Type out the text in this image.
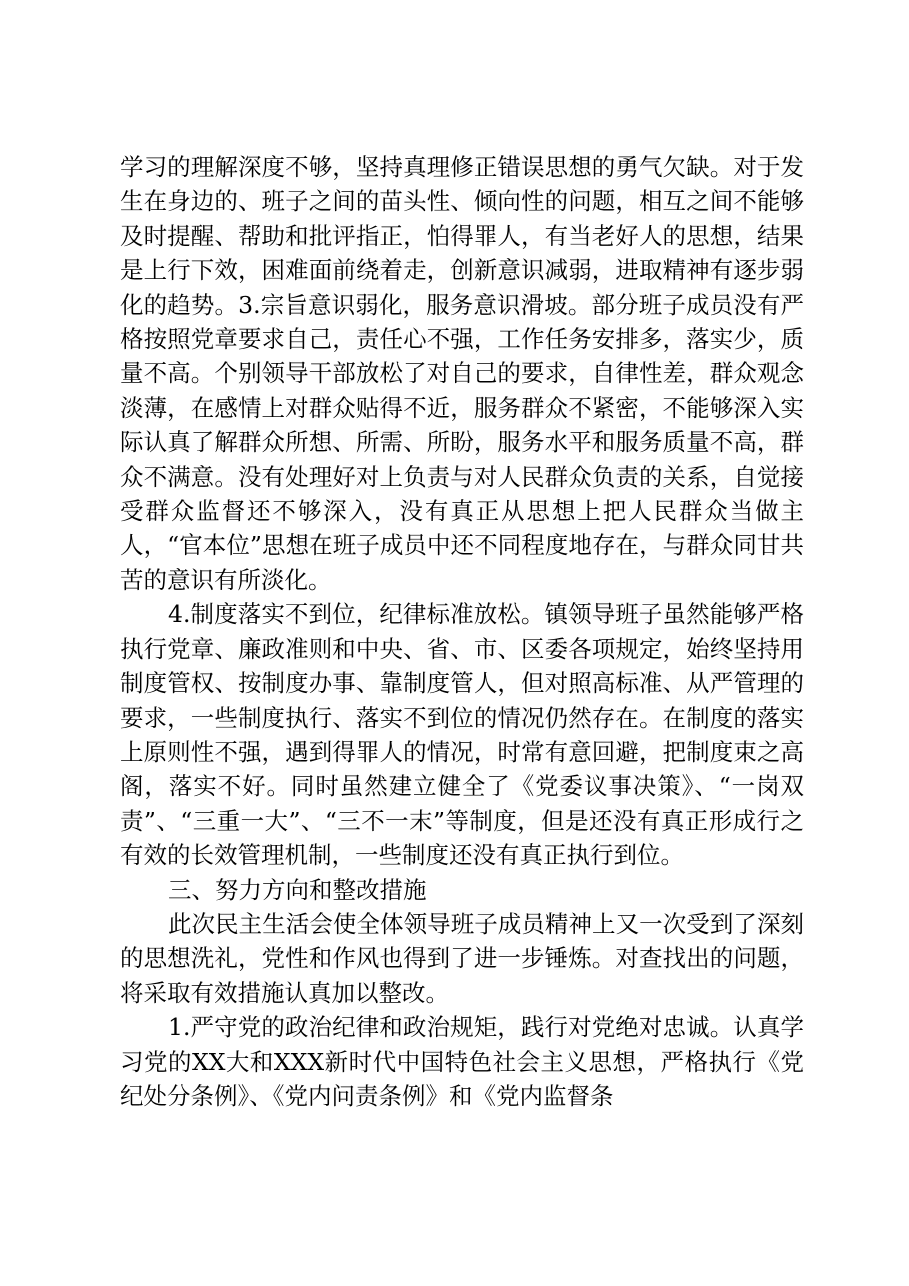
学习的理解深度不够，坚持真理修正错误思想的勇气欠缺。对于发生在身边的、班子之间的苗头性、倾向性的问题，相互之间不能够及时提醒、帮助和批评指正，怕得罪人，有当老好人的思想，结果是上行下效，困难面前绕着走，创新意识减弱，进取精神有逐步弱化的趋势。3.宗旨意识弱化，服务意识滑坡。部分班子成员没有严格按照党章要求自己，责任心不强，工作任务安排多，落实少，质量不高。个别领导干部放松了对自己的要求，自律性差，群众观念淡薄，在感情上对群众贴得不近，服务群众不紧密，不能够深入实际认真了解群众所想、所需、所盼，服务水平和服务质量不高，群众不满意。没有处理好对上负责与对人民群众负责的关系，自觉接受群众监督还不够深入，没有真正从思想上把人民群众当做主人，“官本位”思想在班子成员中还不同程度地存在，与群众同甘共苦的意识有所淡化。

4.制度落实不到位，纪律标准放松。镇领导班子虽然能够严格执行党章、廉政准则和中央、省、市、区委各项规定，始终坚持用制度管权、按制度办事、靠制度管人，但对照高标准、从严管理的要求，一些制度执行、落实不到位的情况仍然存在。在制度的落实上原则性不强，遇到得罪人的情况，时常有意回避，把制度束之高阁，落实不好。同时虽然建立健全了《党委议事决策》、“一岗双责”、“三重一大”、“三不一末”等制度，但是还没有真正形成行之有效的长效管理机制，一些制度还没有真正执行到位。

三、努力方向和整改措施

此次民主生活会使全体领导班子成员精神上又一次受到了深刻的思想洗礼，党性和作风也得到了进一步锤炼。对查找出的问题，将采取有效措施认真加以整改。

1.严守党的政治纪律和政治规矩，践行对党绝对忠诚。认真学习党的XX大和XXX新时代中国特色社会主义思想，严格执行《党纪处分条例》、《党内问责条例》和《党内监督条
